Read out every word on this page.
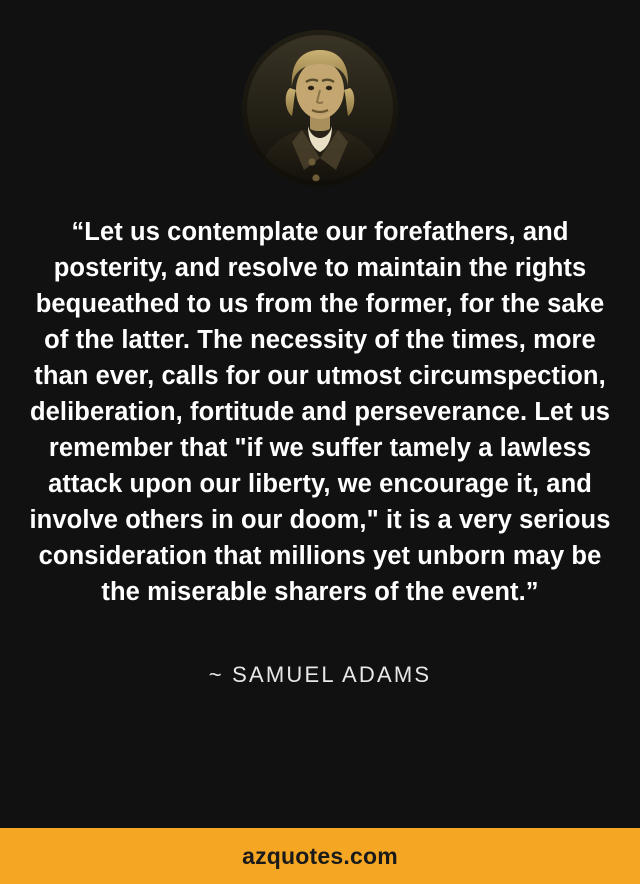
“Let us contemplate our forefathers, and posterity, and resolve to maintain the rights bequeathed to us from the former, for the sake of the latter. The necessity of the times, more than ever, calls for our utmost circumspection, deliberation, fortitude and perseverance. Let us remember that "if we suffer tamely a lawless attack upon our liberty, we encourage it, and involve others in our doom," it is a very serious consideration that millions yet unborn may be the miserable sharers of the event.”
~ SAMUEL ADAMS
azquotes.com
